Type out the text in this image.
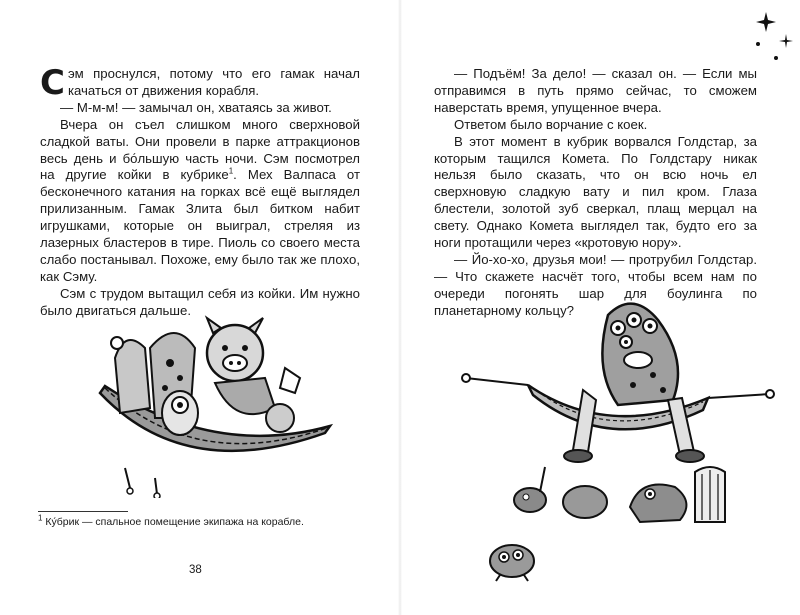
Сэм проснулся, потому что его гамак начал качаться от движения корабля.

— М-м-м! — замычал он, хватаясь за живот.

Вчера он съел слишком много сверхновой сладкой ваты. Они провели в парке аттракционов весь день и бо́льшую часть ночи. Сэм посмотрел на другие койки в кубрике$^1$. Мех Валпаса от бесконечного катания на горках всё ещё выглядел прилизанным. Гамак Злита был битком набит игрушками, которые он выиграл, стреляя из лазерных бластеров в тире. Пиоль со своего места слабо постанывал. Похоже, ему было так же плохо, как Сэму.

Сэм с трудом вытащил себя из койки. Им нужно было двигаться дальше.

$^1$ Ку́брик — спальное помещение экипажа на корабле.
38

— Подъём! За дело! — сказал он. — Если мы отправимся в путь прямо сейчас, то сможем наверстать время, упущенное вчера.

Ответом было ворчание с коек.

В этот момент в кубрик ворвался Голдстар, за которым тащился Комета. По Голдстару никак нельзя было сказать, что он всю ночь ел сверхновую сладкую вату и пил кром. Глаза блестели, золотой зуб сверкал, плащ мерцал на свету. Однако Комета выглядел так, будто его за ноги протащили через «кротовую нору».

— Йо-хо-хо, друзья мои! — протрубил Голдстар. — Что скажете насчёт того, чтобы всем нам по очереди погонять шар для боулинга по планетарному кольцу?
